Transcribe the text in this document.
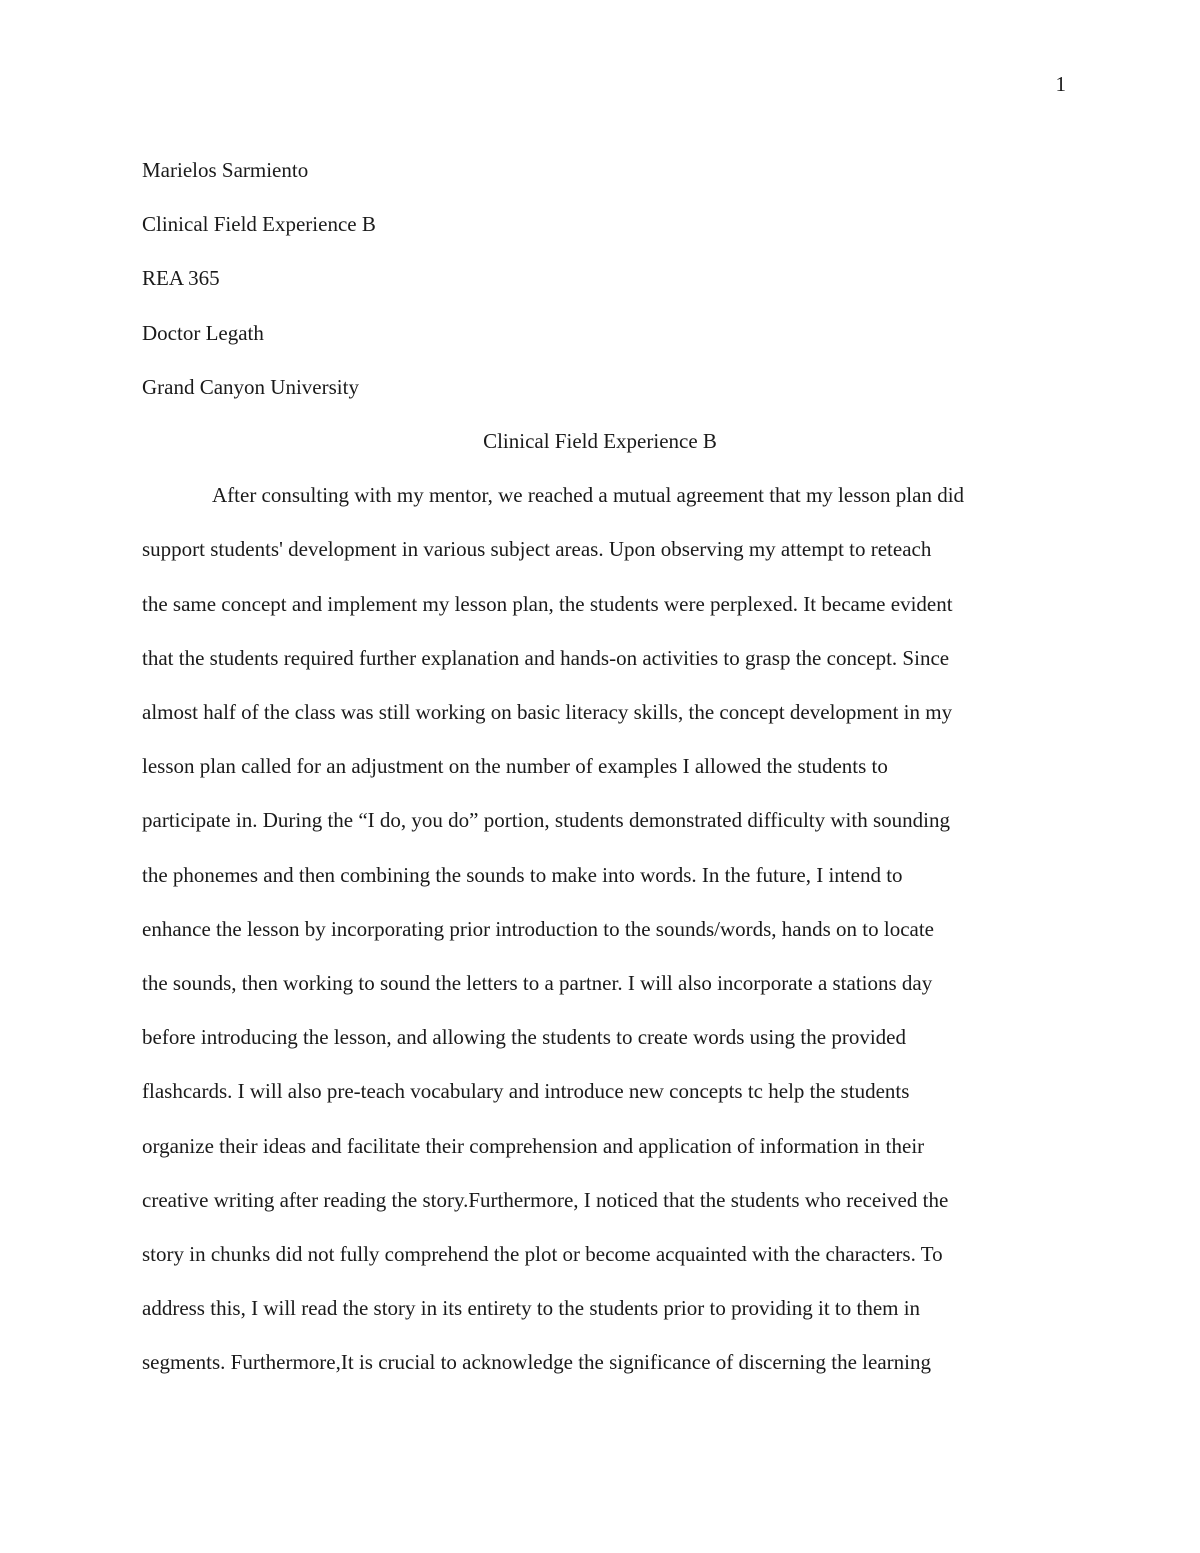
1

Marielos Sarmiento

Clinical Field Experience B

REA 365

Doctor Legath

Grand Canyon University

Clinical Field Experience B

After consulting with my mentor, we reached a mutual agreement that my lesson plan did

support students' development in various subject areas. Upon observing my attempt to reteach

the same concept and implement my lesson plan, the students were perplexed. It became evident

that the students required further explanation and hands-on activities to grasp the concept. Since

almost half of the class was still working on basic literacy skills, the concept development in my

lesson plan called for an adjustment on the number of examples I allowed the students to

participate in. During the “I do, you do” portion, students demonstrated difficulty with sounding

the phonemes and then combining the sounds to make into words. In the future, I intend to

enhance the lesson by incorporating prior introduction to the sounds/words, hands on to locate

the sounds, then working to sound the letters to a partner. I will also incorporate a stations day

before introducing the lesson, and allowing the students to create words using the provided

flashcards. I will also pre-teach vocabulary and introduce new concepts tc help the students

organize their ideas and facilitate their comprehension and application of information in their

creative writing after reading the story.Furthermore, I noticed that the students who received the

story in chunks did not fully comprehend the plot or become acquainted with the characters. To

address this, I will read the story in its entirety to the students prior to providing it to them in

segments. Furthermore,It is crucial to acknowledge the significance of discerning the learning
